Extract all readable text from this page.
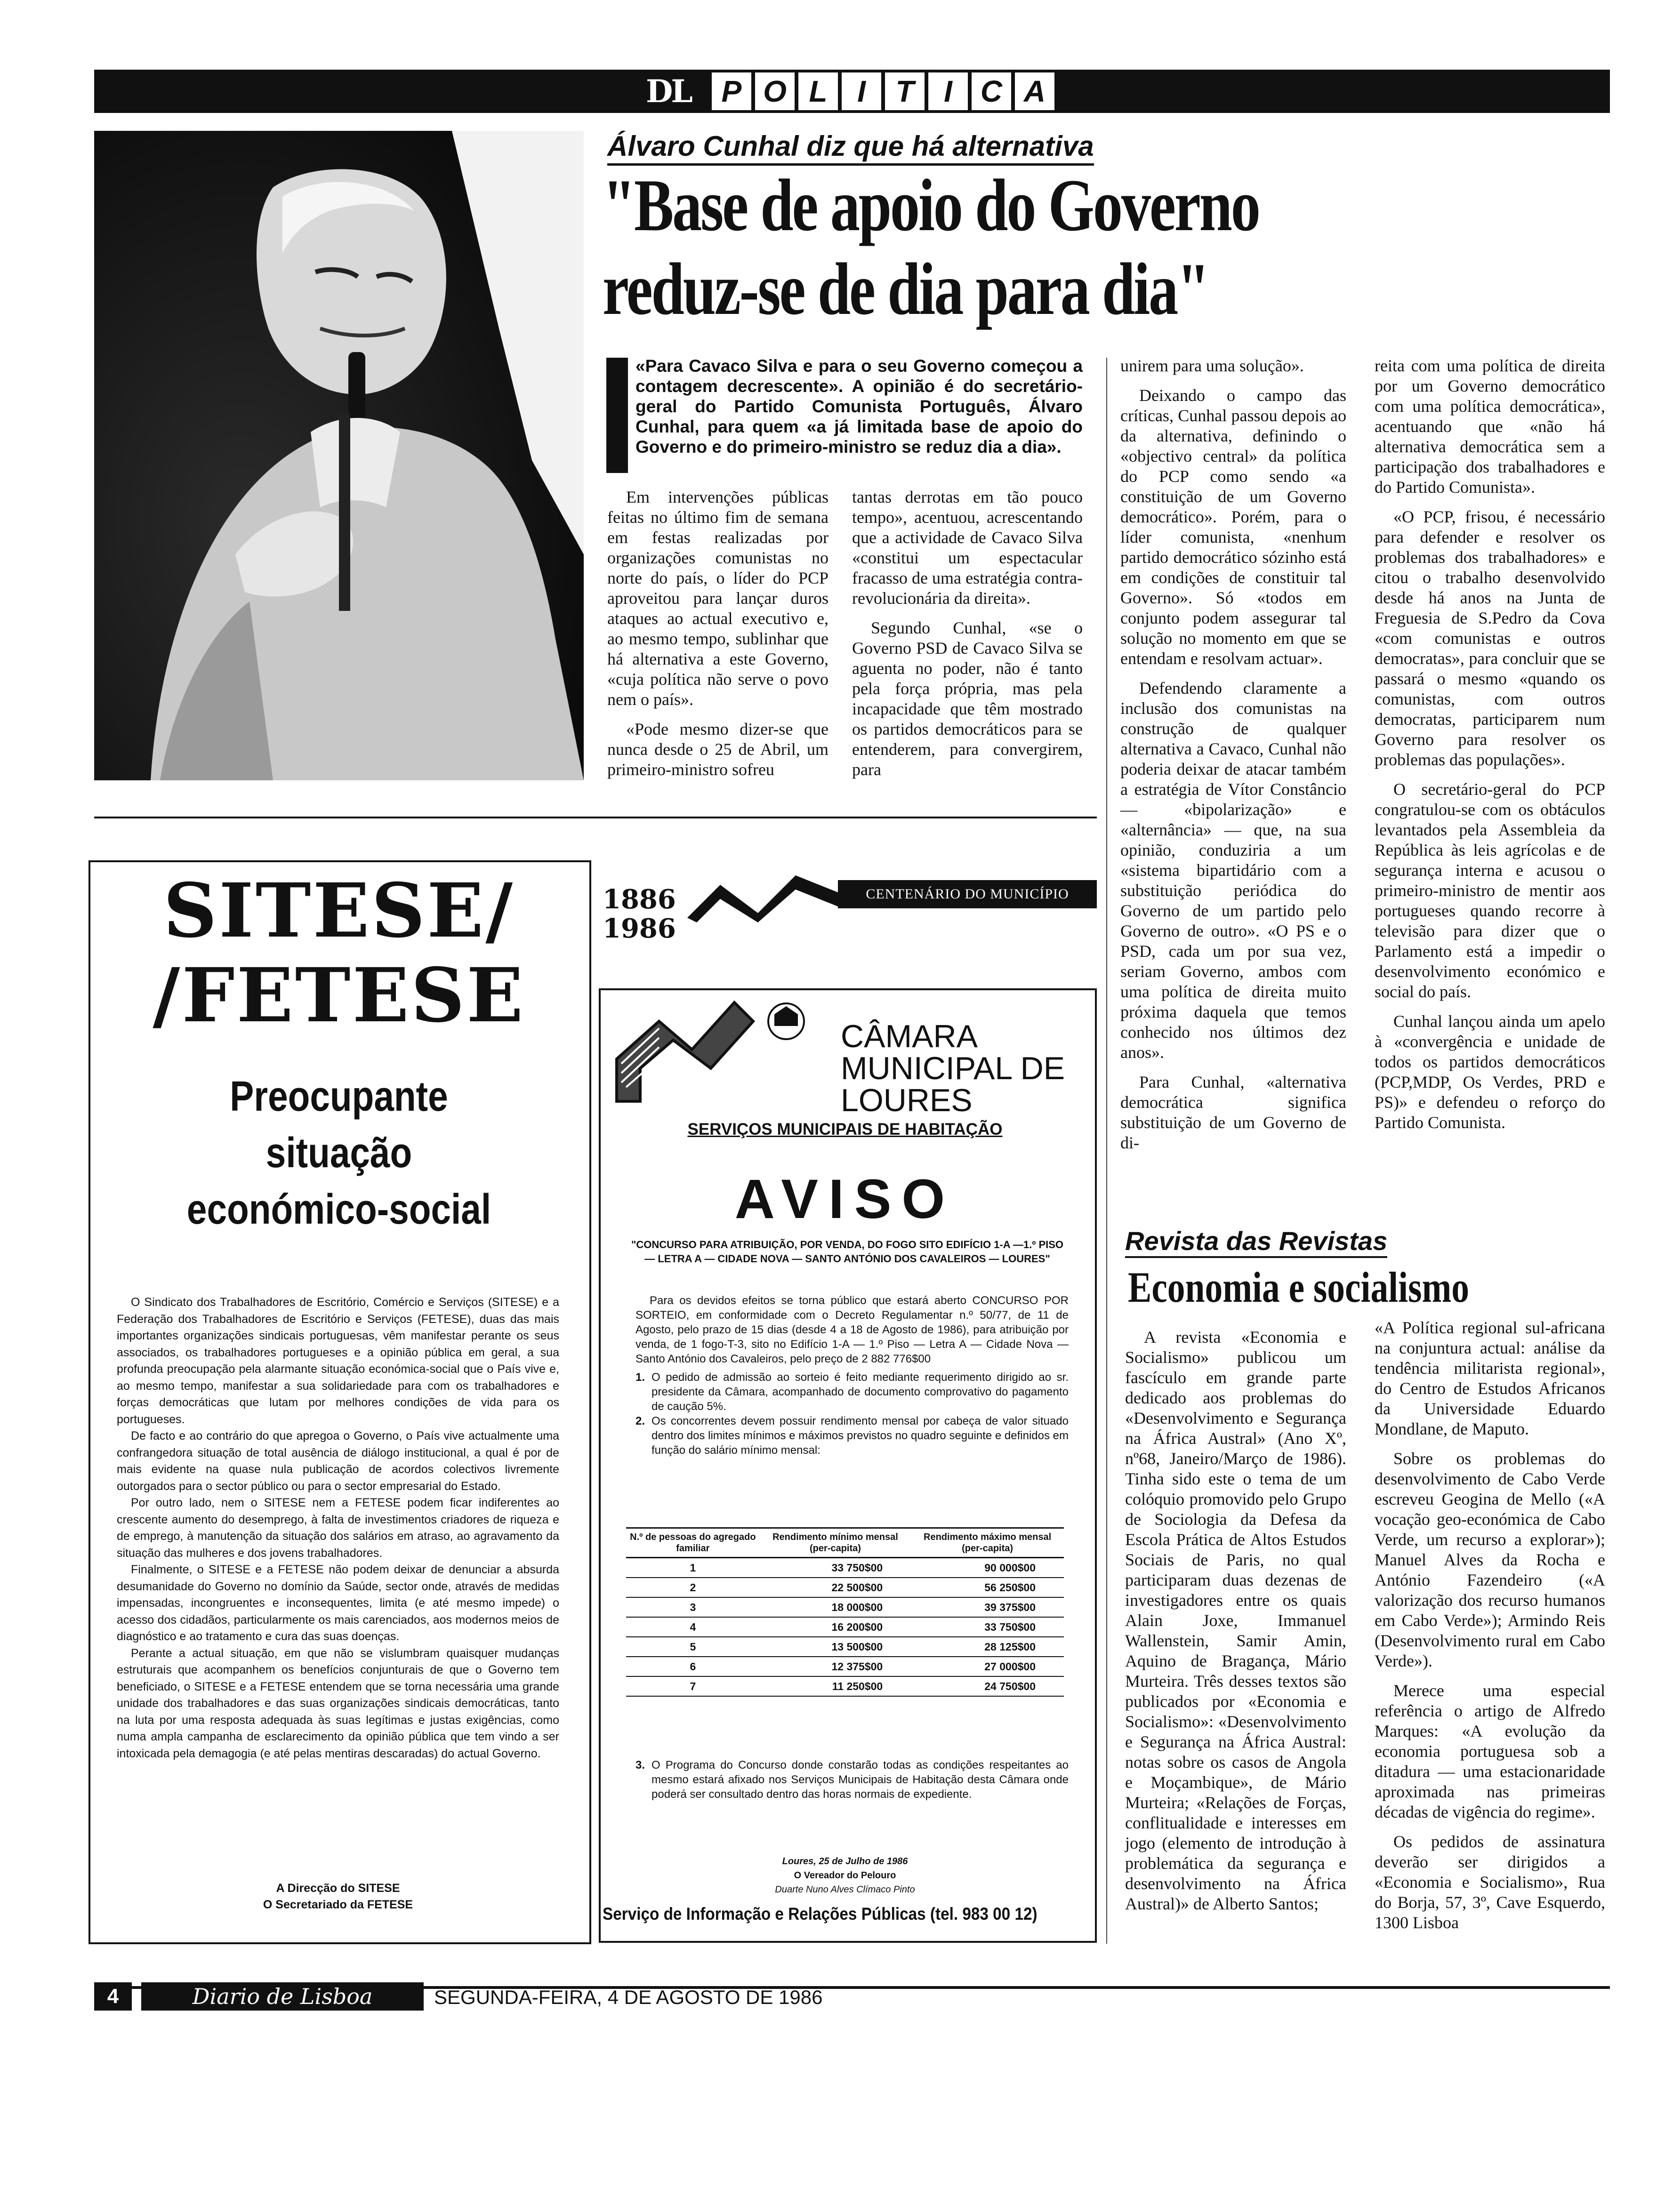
DL	P O L I T I C A
Álvaro Cunhal diz que há alternativa
"Base de apoio do Governo
reduz-se de dia para dia"
«Para Cavaco Silva e para o seu Governo começou a contagem decrescente». A opinião é do secretário-geral do Partido Comunista Português, Álvaro Cunhal, para quem «a já limitada base de apoio do Governo e do primeiro-ministro se reduz dia a dia».

Em intervenções públicas feitas no último fim de semana em festas realizadas por organizações comunistas no norte do país, o líder do PCP aproveitou para lançar duros ataques ao actual executivo e, ao mesmo tempo, sublinhar que há alternativa a este Governo, «cuja política não serve o povo nem o país».

«Pode mesmo dizer-se que nunca desde o 25 de Abril, um primeiro-ministro sofreu

tantas derrotas em tão pouco tempo», acentuou, acrescentando que a actividade de Cavaco Silva «constitui um espectacular fracasso de uma estratégia contra-revolucionária da direita».

Segundo Cunhal, «se o Governo PSD de Cavaco Silva se aguenta no poder, não é tanto pela força própria, mas pela incapacidade que têm mostrado os partidos democráticos para se entenderem, para convergirem, para

unirem para uma solução».

Deixando o campo das críticas, Cunhal passou depois ao da alternativa, definindo o «objectivo central» da política do PCP como sendo «a constituição de um Governo democrático». Porém, para o líder comunista, «nenhum partido democrático sózinho está em condições de constituir tal Governo». Só «todos em conjunto podem assegurar tal solução no momento em que se entendam e resolvam actuar».

Defendendo claramente a inclusão dos comunistas na construção de qualquer alternativa a Cavaco, Cunhal não poderia deixar de atacar também a estratégia de Vítor Constâncio — «bipolarização» e «alternância» — que, na sua opinião, conduziria a um «sistema bipartidário com a substituição periódica do Governo de um partido pelo Governo de outro». «O PS e o PSD, cada um por sua vez, seriam Governo, ambos com uma política de direita muito próxima daquela que temos conhecido nos últimos dez anos».

Para Cunhal, «alternativa democrática significa substituição de um Governo de di-

reita com uma política de direita por um Governo democrático com uma política democrática», acentuando que «não há alternativa democrática sem a participação dos trabalhadores e do Partido Comunista».

«O PCP, frisou, é necessário para defender e resolver os problemas dos trabalhadores» e citou o trabalho desenvolvido desde há anos na Junta de Freguesia de S.Pedro da Cova «com comunistas e outros democratas», para concluir que se passará o mesmo «quando os comunistas, com outros democratas, participarem num Governo para resolver os problemas das populações».

O secretário-geral do PCP congratulou-se com os obtáculos levantados pela Assembleia da República às leis agrícolas e de segurança interna e acusou o primeiro-ministro de mentir aos portugueses quando recorre à televisão para dizer que o Parlamento está a impedir o desenvolvimento económico e social do país.

Cunhal lançou ainda um apelo à «convergência e unidade de todos os partidos democráticos (PCP,MDP, Os Verdes, PRD e PS)» e defendeu o reforço do Partido Comunista.

SITESE/
/FETESE
Preocupante
situação
económico-social

O Sindicato dos Trabalhadores de Escritório, Comércio e Serviços (SITESE) e a Federação dos Trabalhadores de Escritório e Serviços (FETESE), duas das mais importantes organizações sindicais portuguesas, vêm manifestar perante os seus associados, os trabalhadores portugueses e a opinião pública em geral, a sua profunda preocupação pela alarmante situação económica-social que o País vive e, ao mesmo tempo, manifestar a sua solidariedade para com os trabalhadores e forças democráticas que lutam por melhores condições de vida para os portugueses.

De facto e ao contrário do que apregoa o Governo, o País vive actualmente uma confrangedora situação de total ausência de diálogo institucional, a qual é por de mais evidente na quase nula publicação de acordos colectivos livremente outorgados para o sector público ou para o sector empresarial do Estado.

Por outro lado, nem o SITESE nem a FETESE podem ficar indiferentes ao crescente aumento do desemprego, à falta de investimentos criadores de riqueza e de emprego, à manutenção da situação dos salários em atraso, ao agravamento da situação das mulheres e dos jovens trabalhadores.

Finalmente, o SITESE e a FETESE não podem deixar de denunciar a absurda desumanidade do Governo no domínio da Saúde, sector onde, através de medidas impensadas, incongruentes e inconsequentes, limita (e até mesmo impede) o acesso dos cidadãos, particularmente os mais carenciados, aos modernos meios de diagnóstico e ao tratamento e cura das suas doenças.

Perante a actual situação, em que não se vislumbram quaisquer mudanças estruturais que acompanhem os benefícios conjunturais de que o Governo tem beneficiado, o SITESE e a FETESE entendem que se torna necessária uma grande unidade dos trabalhadores e das suas organizações sindicais democráticas, tanto na luta por uma resposta adequada às suas legítimas e justas exigências, como numa ampla campanha de esclarecimento da opinião pública que tem vindo a ser intoxicada pela demagogia (e até pelas mentiras descaradas) do actual Governo.

A Direcção do SITESE
O Secretariado da FETESE
1886
1986
CENTENÁRIO DO MUNICÍPIO
CÂMARA
MUNICIPAL DE
LOURES
SERVIÇOS MUNICIPAIS DE HABITAÇÃO
AVISO
"CONCURSO PARA ATRIBUIÇÃO, POR VENDA, DO FOGO SITO EDIFÍCIO 1-A —1.º PISO — LETRA A — CIDADE NOVA — SANTO ANTÓNIO DOS CAVALEIROS — LOURES"

Para os devidos efeitos se torna público que estará aberto CONCURSO POR SORTEIO, em conformidade com o Decreto Regulamentar n.º 50/77, de 11 de Agosto, pelo prazo de 15 dias (desde 4 a 18 de Agosto de 1986), para atribuição por venda, de 1 fogo-T-3, sito no Edifício 1-A — 1.º Piso — Letra A — Cidade Nova — Santo António dos Cavaleiros, pelo preço de 2 882 776$00

1. O pedido de admissão ao sorteio é feito mediante requerimento dirigido ao sr. presidente da Câmara, acompanhado de documento comprovativo do pagamento de caução 5%.
2. Os concorrentes devem possuir rendimento mensal por cabeça de valor situado dentro dos limites mínimos e máximos previstos no quadro seguinte e definidos em função do salário mínimo mensal:
N.º de pessoas do agregado familiar	Rendimento mínimo mensal (per-capita)	Rendimento máximo mensal (per-capita)
1	33 750$00	90 000$00
2	22 500$00	56 250$00
3	18 000$00	39 375$00
4	16 200$00	33 750$00
5	13 500$00	28 125$00
6	12 375$00	27 000$00
7	11 250$00	24 750$00
3. O Programa do Concurso donde constarão todas as condições respeitantes ao mesmo estará afixado nos Serviços Municipais de Habitação desta Câmara onde poderá ser consultado dentro das horas normais de expediente.
Loures, 25 de Julho de 1986
O Vereador do Pelouro
Duarte Nuno Alves Clímaco Pinto
Serviço de Informação e Relações Públicas (tel. 983 00 12)
Revista das Revistas
Economia e socialismo

A revista «Economia e Socialismo» publicou um fascículo em grande parte dedicado aos problemas do «Desenvolvimento e Segurança na África Austral» (Ano Xº, nº68, Janeiro/Março de 1986). Tinha sido este o tema de um colóquio promovido pelo Grupo de Sociologia da Defesa da Escola Prática de Altos Estudos Sociais de Paris, no qual participaram duas dezenas de investigadores entre os quais Alain Joxe, Immanuel Wallenstein, Samir Amin, Aquino de Bragança, Mário Murteira. Três desses textos são publicados por «Economia e Socialismo»: «Desenvolvimento e Segurança na África Austral: notas sobre os casos de Angola e Moçambique», de Mário Murteira; «Relações de Forças, conflitualidade e interesses em jogo (elemento de introdução à problemática da segurança e desenvolvimento na África Austral)» de Alberto Santos;

«A Política regional sul-africana na conjuntura actual: análise da tendência militarista regional», do Centro de Estudos Africanos da Universidade Eduardo Mondlane, de Maputo.

Sobre os problemas do desenvolvimento de Cabo Verde escreveu Geogina de Mello («A vocação geo-económica de Cabo Verde, um recurso a explorar»); Manuel Alves da Rocha e António Fazendeiro («A valorização dos recurso humanos em Cabo Verde»); Armindo Reis (Desenvolvimento rural em Cabo Verde»).

Merece uma especial referência o artigo de Alfredo Marques: «A evolução da economia portuguesa sob a ditadura — uma estacionaridade aproximada nas primeiras décadas de vigência do regime».

Os pedidos de assinatura deverão ser dirigidos a «Economia e Socialismo», Rua do Borja, 57, 3º, Cave Esquerdo, 1300 Lisboa

4	Diario de Lisboa	SEGUNDA-FEIRA, 4 DE AGOSTO DE 1986
